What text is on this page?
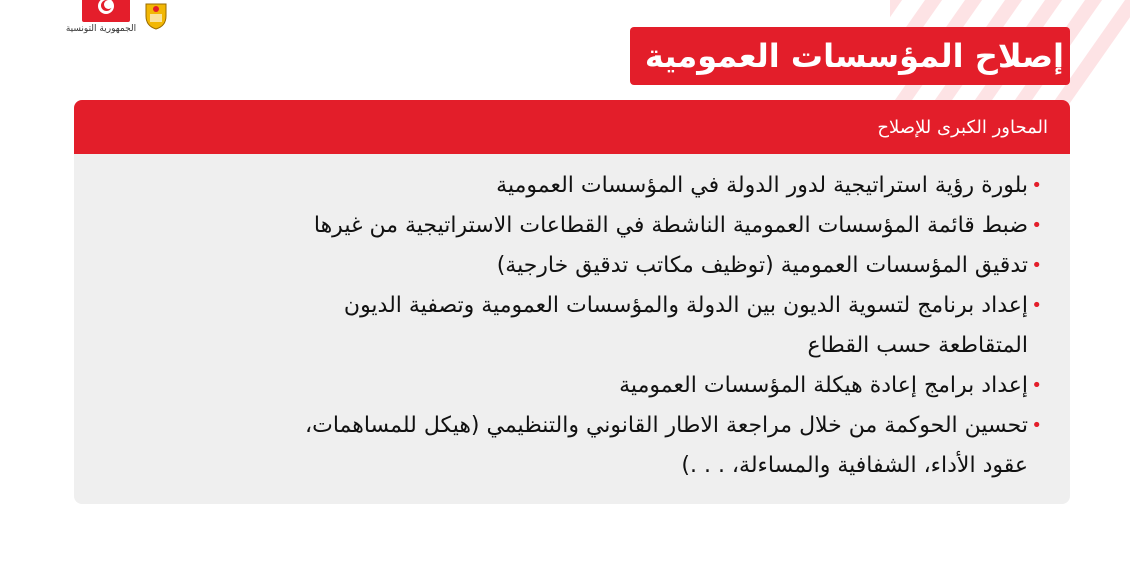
الجمهورية التونسية
إصلاح المؤسسات العمومية
المحاور الكبرى للإصلاح
•
بلورة رؤية استراتيجية لدور الدولة في المؤسسات العمومية
•
ضبط قائمة المؤسسات العمومية الناشطة في القطاعات الاستراتيجية من غيرها
•
تدقيق المؤسسات العمومية (توظيف مكاتب تدقيق خارجية)
•
إعداد برنامج لتسوية الديون بين الدولة والمؤسسات العمومية وتصفية الديون
المتقاطعة حسب القطاع
•
إعداد برامج إعادة هيكلة المؤسسات العمومية
•
تحسين الحوكمة من خلال مراجعة الاطار القانوني والتنظيمي (هيكل للمساهمات،
عقود الأداء، الشفافية والمساءلة، . . .)
